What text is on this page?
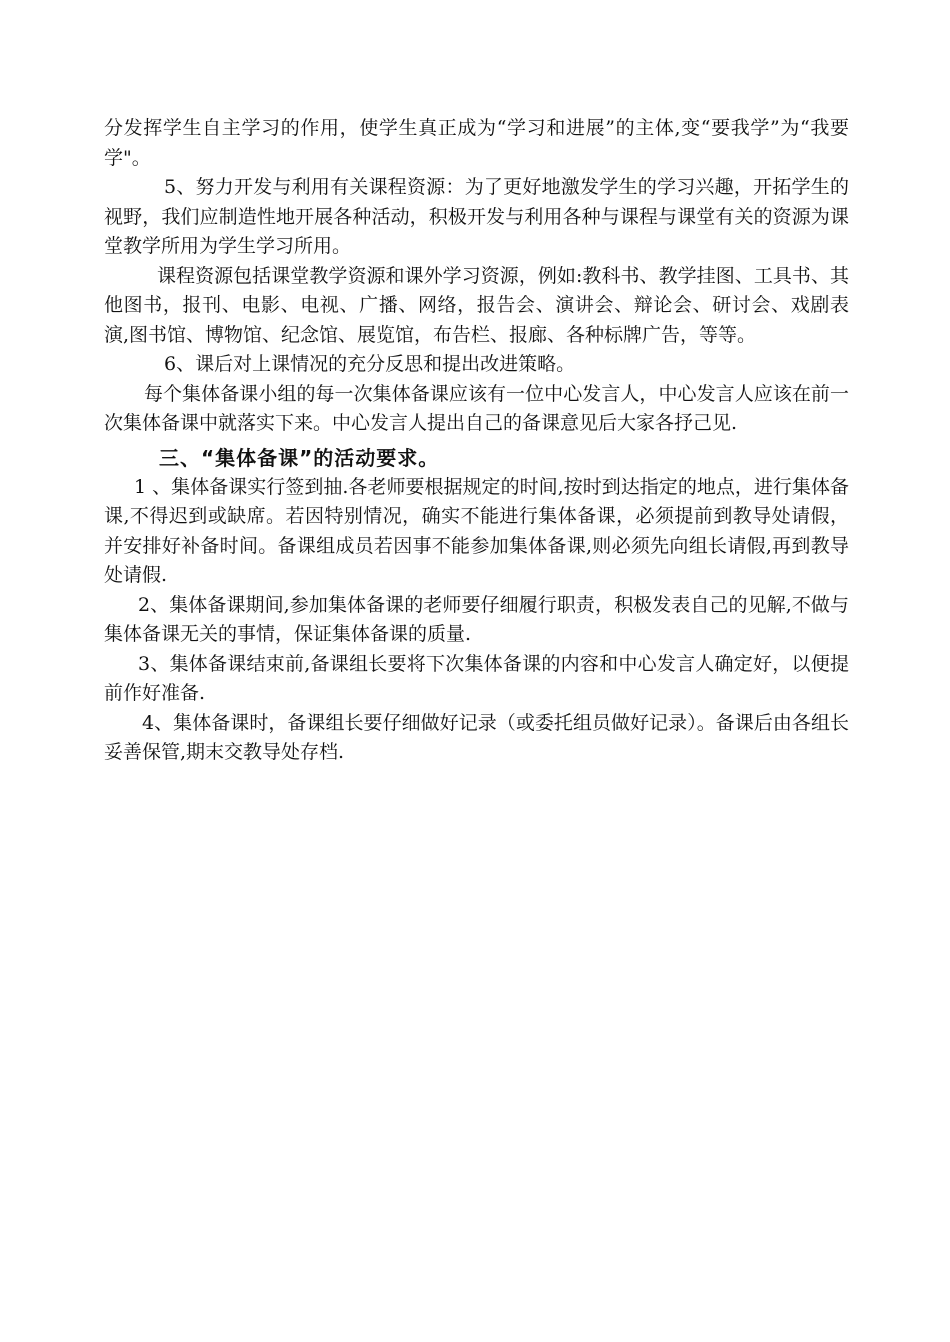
分发挥学生自主学习的作用，使学生真正成为“学习和进展”的主体,变“要我学”为“我要学"。

5、努力开发与利用有关课程资源：为了更好地激发学生的学习兴趣，开拓学生的视野，我们应制造性地开展各种活动，积极开发与利用各种与课程与课堂有关的资源为课堂教学所用为学生学习所用。

课程资源包括课堂教学资源和课外学习资源，例如:教科书、教学挂图、工具书、其他图书，报刊、电影、电视、广播、网络，报告会、演讲会、辩论会、研讨会、戏剧表演,图书馆、博物馆、纪念馆、展览馆，布告栏、报廊、各种标牌广告，等等。

6、课后对上课情况的充分反思和提出改进策略。

每个集体备课小组的每一次集体备课应该有一位中心发言人，中心发言人应该在前一次集体备课中就落实下来。中心发言人提出自己的备课意见后大家各抒己见.

三、“集体备课”的活动要求。

1 、集体备课实行签到抽.各老师要根据规定的时间,按时到达指定的地点，进行集体备课,不得迟到或缺席。若因特别情况，确实不能进行集体备课，必须提前到教导处请假，并安排好补备时间。备课组成员若因事不能参加集体备课,则必须先向组长请假,再到教导处请假.

2、集体备课期间,参加集体备课的老师要仔细履行职责，积极发表自己的见解,不做与集体备课无关的事情，保证集体备课的质量.

3、集体备课结束前,备课组长要将下次集体备课的内容和中心发言人确定好，以便提前作好准备.

4、集体备课时，备课组长要仔细做好记录（或委托组员做好记录）。备课后由各组长妥善保管,期末交教导处存档.
